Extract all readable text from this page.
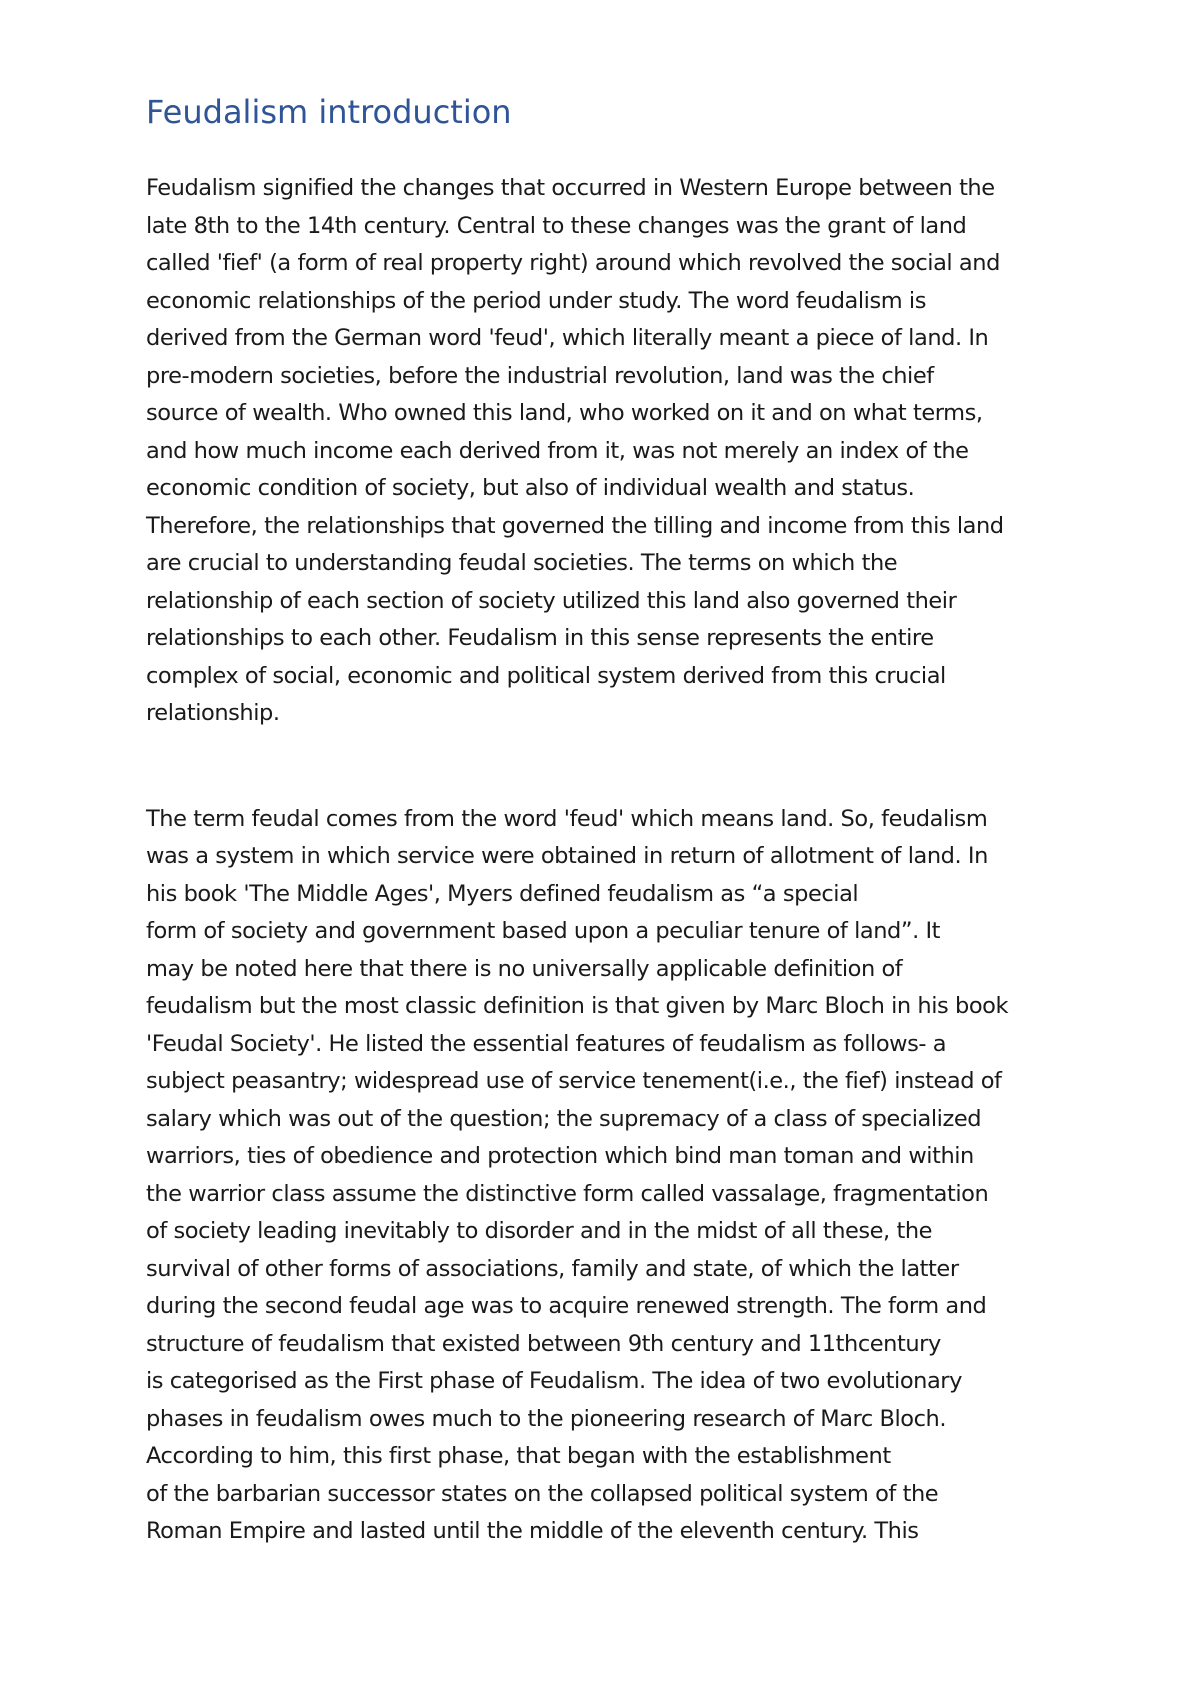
Feudalism introduction
Feudalism signified the changes that occurred in Western Europe between the
late 8th to the 14th century. Central to these changes was the grant of land
called 'fief' (a form of real property right) around which revolved the social and
economic relationships of the period under study. The word feudalism is
derived from the German word 'feud', which literally meant a piece of land. In
pre-modern societies, before the industrial revolution, land was the chief
source of wealth. Who owned this land, who worked on it and on what terms,
and how much income each derived from it, was not merely an index of the
economic condition of society, but also of individual wealth and status.
Therefore, the relationships that governed the tilling and income from this land
are crucial to understanding feudal societies. The terms on which the
relationship of each section of society utilized this land also governed their
relationships to each other. Feudalism in this sense represents the entire
complex of social, economic and political system derived from this crucial
relationship.
The term feudal comes from the word 'feud' which means land. So, feudalism
was a system in which service were obtained in return of allotment of land. In
his book 'The Middle Ages', Myers defined feudalism as “a special
form of society and government based upon a peculiar tenure of land”. It
may be noted here that there is no universally applicable definition of
feudalism but the most classic definition is that given by Marc Bloch in his book
'Feudal Society'. He listed the essential features of feudalism as follows- a
subject peasantry; widespread use of service tenement(i.e., the fief) instead of
salary which was out of the question; the supremacy of a class of specialized
warriors, ties of obedience and protection which bind man toman and within
the warrior class assume the distinctive form called vassalage, fragmentation
of society leading inevitably to disorder and in the midst of all these, the
survival of other forms of associations, family and state, of which the latter
during the second feudal age was to acquire renewed strength. The form and
structure of feudalism that existed between 9th century and 11thcentury
is categorised as the First phase of Feudalism. The idea of two evolutionary
phases in feudalism owes much to the pioneering research of Marc Bloch.
According to him, this first phase, that began with the establishment
of the barbarian successor states on the collapsed political system of the
Roman Empire and lasted until the middle of the eleventh century. This
